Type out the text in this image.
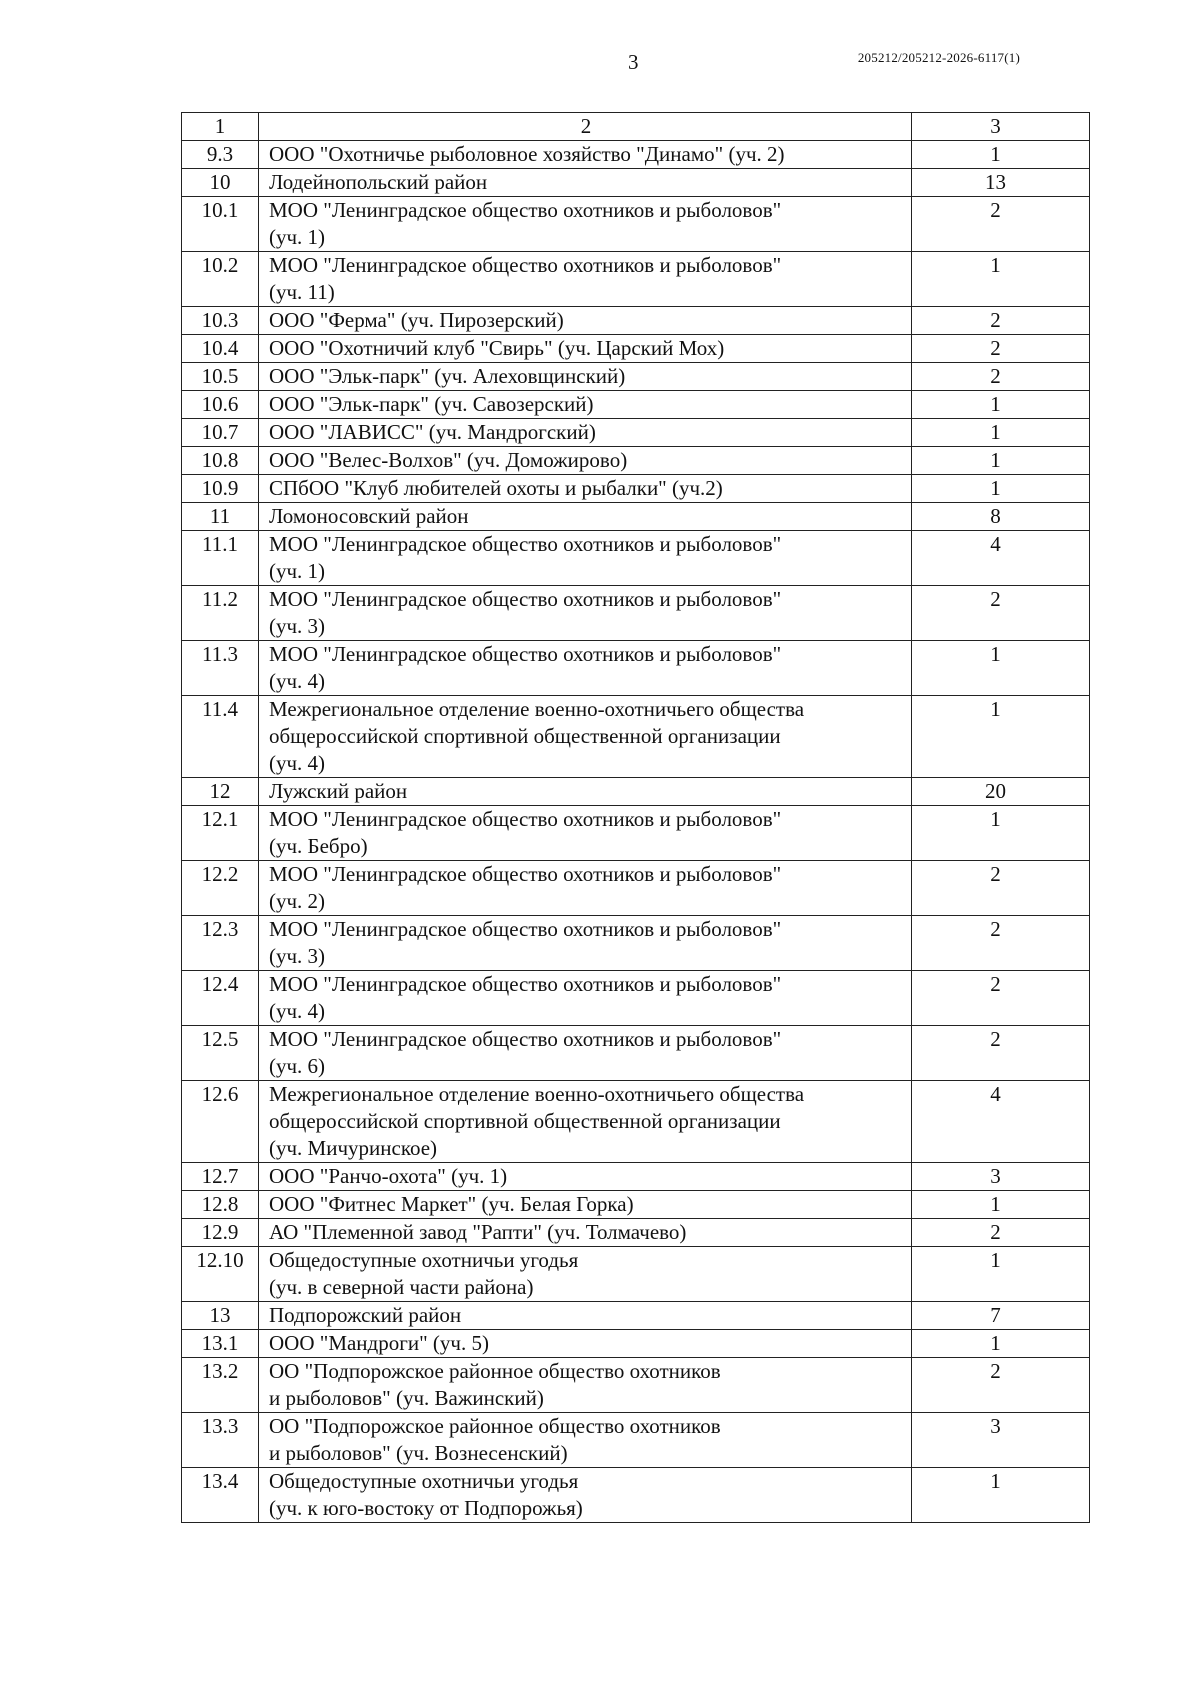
3	205212/205212-2026-6117(1)
1	2	3
9.3	ООО "Охотничье рыболовное хозяйство "Динамо" (уч. 2)	1
10	Лодейнопольский район	13
10.1	МОО "Ленинградское общество охотников и рыболовов"
(уч. 1)	2
10.2	МОО "Ленинградское общество охотников и рыболовов"
(уч. 11)	1
10.3	ООО "Ферма" (уч. Пирозерский)	2
10.4	ООО "Охотничий клуб "Свирь" (уч. Царский Мох)	2
10.5	ООО "Эльк-парк" (уч. Алеховщинский)	2
10.6	ООО "Эльк-парк" (уч. Савозерский)	1
10.7	ООО "ЛАВИСС" (уч. Мандрогский)	1
10.8	ООО "Велес-Волхов" (уч. Доможирово)	1
10.9	СПбОО "Клуб любителей охоты и рыбалки" (уч.2)	1
11	Ломоносовский район	8
11.1	МОО "Ленинградское общество охотников и рыболовов"
(уч. 1)	4
11.2	МОО "Ленинградское общество охотников и рыболовов"
(уч. 3)	2
11.3	МОО "Ленинградское общество охотников и рыболовов"
(уч. 4)	1
11.4	Межрегиональное отделение военно-охотничьего общества
общероссийской спортивной общественной организации
(уч. 4)	1
12	Лужский район	20
12.1	МОО "Ленинградское общество охотников и рыболовов"
(уч. Бебро)	1
12.2	МОО "Ленинградское общество охотников и рыболовов"
(уч. 2)	2
12.3	МОО "Ленинградское общество охотников и рыболовов"
(уч. 3)	2
12.4	МОО "Ленинградское общество охотников и рыболовов"
(уч. 4)	2
12.5	МОО "Ленинградское общество охотников и рыболовов"
(уч. 6)	2
12.6	Межрегиональное отделение военно-охотничьего общества
общероссийской спортивной общественной организации
(уч. Мичуринское)	4
12.7	ООО "Ранчо-охота" (уч. 1)	3
12.8	ООО "Фитнес Маркет" (уч. Белая Горка)	1
12.9	АО "Племенной завод "Рапти" (уч. Толмачево)	2
12.10	Общедоступные охотничьи угодья
(уч. в северной части района)	1
13	Подпорожский район	7
13.1	ООО "Мандроги" (уч. 5)	1
13.2	ОО "Подпорожское районное общество охотников
и рыболовов" (уч. Важинский)	2
13.3	ОО "Подпорожское районное общество охотников
и рыболовов" (уч. Вознесенский)	3
13.4	Общедоступные охотничьи угодья
(уч. к юго-востоку от Подпорожья)	1
